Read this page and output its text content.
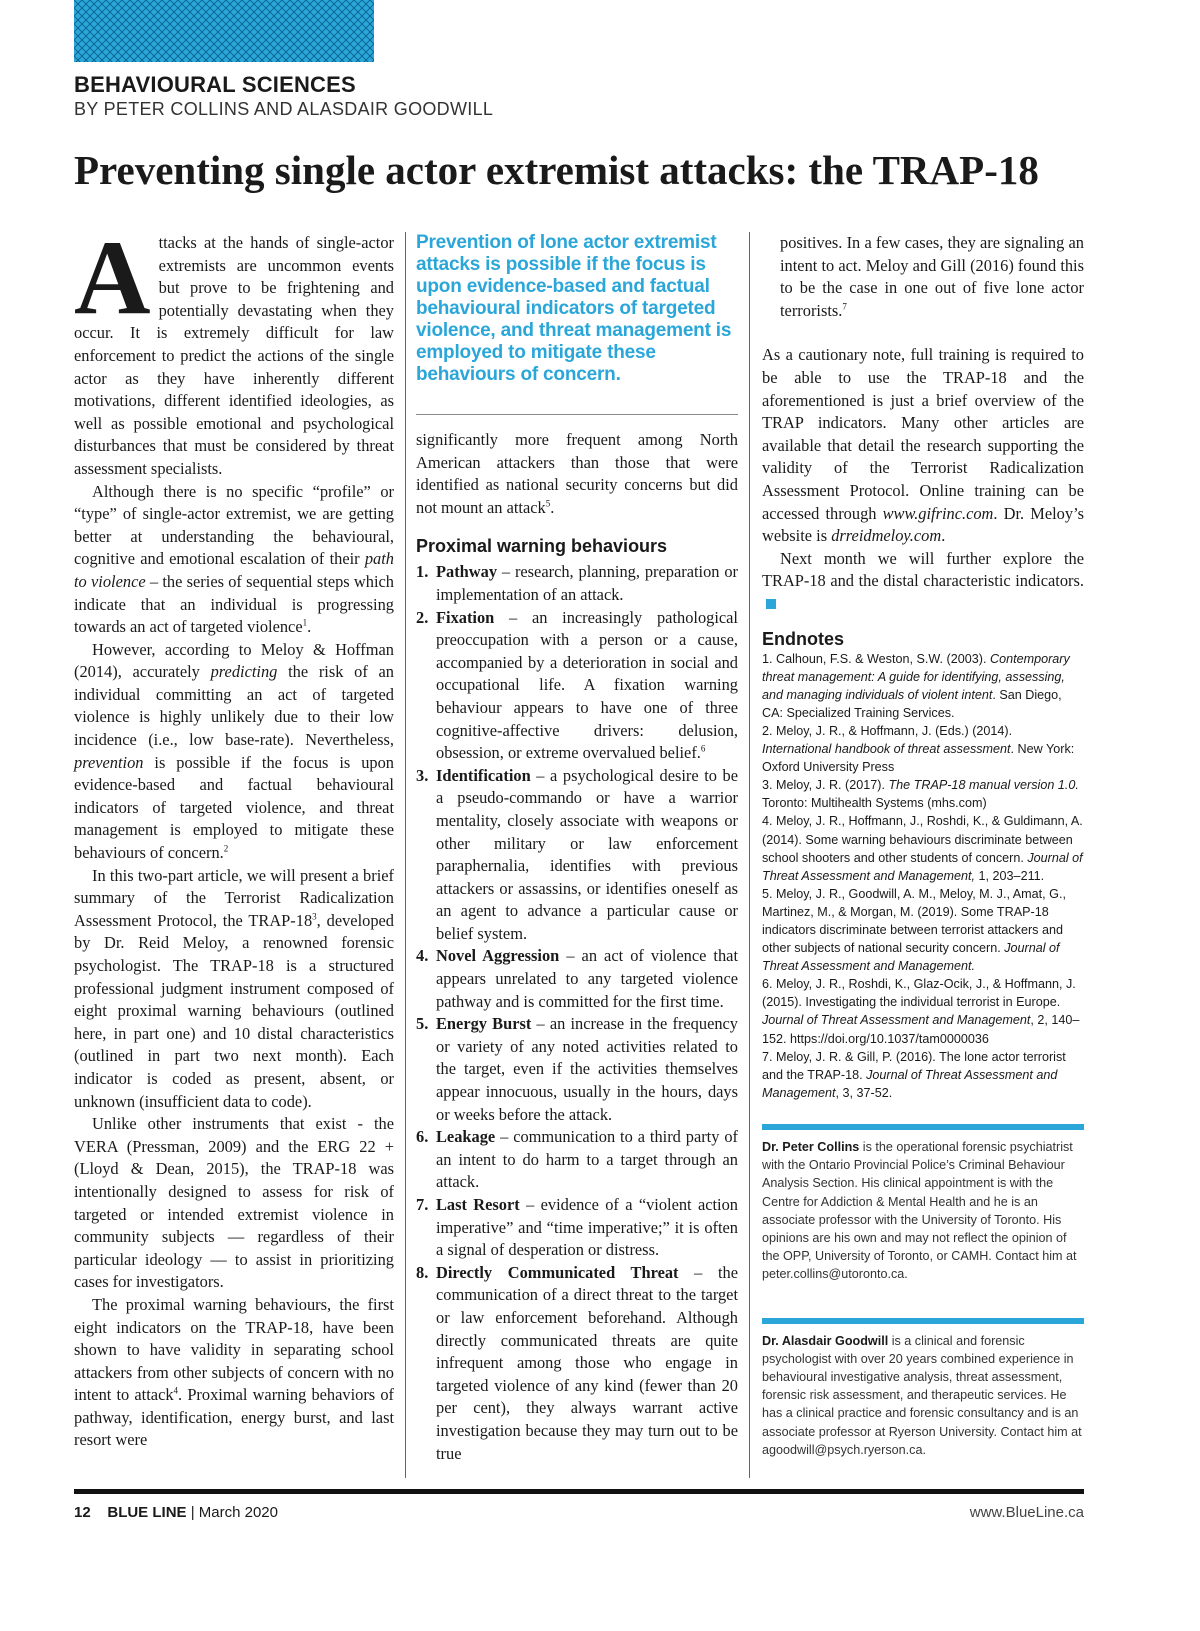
BEHAVIOURAL SCIENCES
BY PETER COLLINS AND ALASDAIR GOODWILL
Preventing single actor extremist attacks: the TRAP-18

Attacks at the hands of single-actor extremists are uncommon events but prove to be frightening and potentially devastating when they occur. It is extremely difficult for law enforcement to predict the actions of the single actor as they have inherently different motivations, different identified ideologies, as well as possible emotional and psychological disturbances that must be considered by threat assessment specialists.

Although there is no specific “profile” or “type” of single-actor extremist, we are getting better at understanding the behavioural, cognitive and emotional escalation of their path to violence – the series of sequential steps which indicate that an individual is progressing towards an act of targeted violence$^1$.

However, according to Meloy & Hoffman (2014), accurately predicting the risk of an individual committing an act of targeted violence is highly unlikely due to their low incidence (i.e., low base-rate). Nevertheless, prevention is possible if the focus is upon evidence-based and factual behavioural indicators of targeted violence, and threat management is employed to mitigate these behaviours of concern.$^2$

In this two-part article, we will present a brief summary of the Terrorist Radicalization Assessment Protocol, the TRAP-$18^3$, developed by Dr. Reid Meloy, a renowned forensic psychologist. The TRAP-18 is a structured professional judgment instrument composed of eight proximal warning behaviours (outlined here, in part one) and 10 distal characteristics (outlined in part two next month). Each indicator is coded as present, absent, or unknown (insufficient data to code).

Unlike other instruments that exist - the VERA (Pressman, 2009) and the ERG 22 + (Lloyd & Dean, 2015), the TRAP-18 was intentionally designed to assess for risk of targeted or intended extremist violence in community subjects — regardless of their particular ideology — to assist in prioritizing cases for investigators.

The proximal warning behaviours, the first eight indicators on the TRAP-18, have been shown to have validity in separating school attackers from other subjects of concern with no intent to attack$^4$. Proximal warning behaviors of pathway, identification, energy burst, and last resort were

Prevention of lone actor extremist attacks is possible if the focus is upon evidence-based and factual behavioural indicators of targeted violence, and threat management is employed to mitigate these behaviours of concern.

significantly more frequent among North American attackers than those that were identified as national security concerns but did not mount an attack$^5$.

Proximal warning behaviours
1. Pathway – research, planning, preparation or implementation of an attack.
2. Fixation – an increasingly pathological preoccupation with a person or a cause, accompanied by a deterioration in social and occupational life. A fixation warning behaviour appears to have one of three cognitive-affective drivers: delusion, obsession, or extreme overvalued belief.$^6$
3. Identification – a psychological desire to be a pseudo-commando or have a warrior mentality, closely associate with weapons or other military or law enforcement paraphernalia, identifies with previous attackers or assassins, or identifies oneself as an agent to advance a particular cause or belief system.
4. Novel Aggression – an act of violence that appears unrelated to any targeted violence pathway and is committed for the first time.
5. Energy Burst – an increase in the frequency or variety of any noted activities related to the target, even if the activities themselves appear innocuous, usually in the hours, days or weeks before the attack.
6. Leakage – communication to a third party of an intent to do harm to a target through an attack.
7. Last Resort – evidence of a “violent action imperative” and “time imperative;” it is often a signal of desperation or distress.
8. Directly Communicated Threat – the communication of a direct threat to the target or law enforcement beforehand. Although directly communicated threats are quite infrequent among those who engage in targeted violence of any kind (fewer than 20 per cent), they always warrant active investigation because they may turn out to be true

positives. In a few cases, they are signaling an intent to act. Meloy and Gill (2016) found this to be the case in one out of five lone actor terrorists.$^7$

As a cautionary note, full training is required to be able to use the TRAP-18 and the aforementioned is just a brief overview of the TRAP indicators. Many other articles are available that detail the research supporting the validity of the Terrorist Radicalization Assessment Protocol. Online training can be accessed through www.gifrinc.com. Dr. Meloy’s website is drreidmeloy.com.

Next month we will further explore the TRAP-18 and the distal characteristic indicators.

Endnotes
1. Calhoun, F.S. & Weston, S.W. (2003). Contemporary threat management: A guide for identifying, assessing, and managing individuals of violent intent. San Diego, CA: Specialized Training Services.
2. Meloy, J. R., & Hoffmann, J. (Eds.) (2014). International handbook of threat assessment. New York: Oxford University Press
3. Meloy, J. R. (2017). The TRAP-18 manual version 1.0. Toronto: Multihealth Systems (mhs.com)
4. Meloy, J. R., Hoffmann, J., Roshdi, K., & Guldimann, A. (2014). Some warning behaviours discriminate between school shooters and other students of concern. Journal of Threat Assessment and Management, 1, 203–211.
5. Meloy, J. R., Goodwill, A. M., Meloy, M. J., Amat, G., Martinez, M., & Morgan, M. (2019). Some TRAP-18 indicators discriminate between terrorist attackers and other subjects of national security concern. Journal of Threat Assessment and Management.
6. Meloy, J. R., Roshdi, K., Glaz-Ocik, J., & Hoffmann, J. (2015). Investigating the individual terrorist in Europe. Journal of Threat Assessment and Management, 2, 140–152. https://doi.org/10.1037/tam0000036
7. Meloy, J. R. & Gill, P. (2016). The lone actor terrorist and the TRAP-18. Journal of Threat Assessment and Management, 3, 37-52.
Dr. Peter Collins is the operational forensic psychiatrist with the Ontario Provincial Police’s Criminal Behaviour Analysis Section. His clinical appointment is with the Centre for Addiction & Mental Health and he is an associate professor with the University of Toronto. His opinions are his own and may not reflect the opinion of the OPP, University of Toronto, or CAMH. Contact him at peter.collins@utoronto.ca.
Dr. Alasdair Goodwill is a clinical and forensic psychologist with over 20 years combined experience in behavioural investigative analysis, threat assessment, forensic risk assessment, and therapeutic services. He has a clinical practice and forensic consultancy and is an associate professor at Ryerson University. Contact him at agoodwill@psych.ryerson.ca.
12 BLUE LINE | March 2020	www.BlueLine.ca
